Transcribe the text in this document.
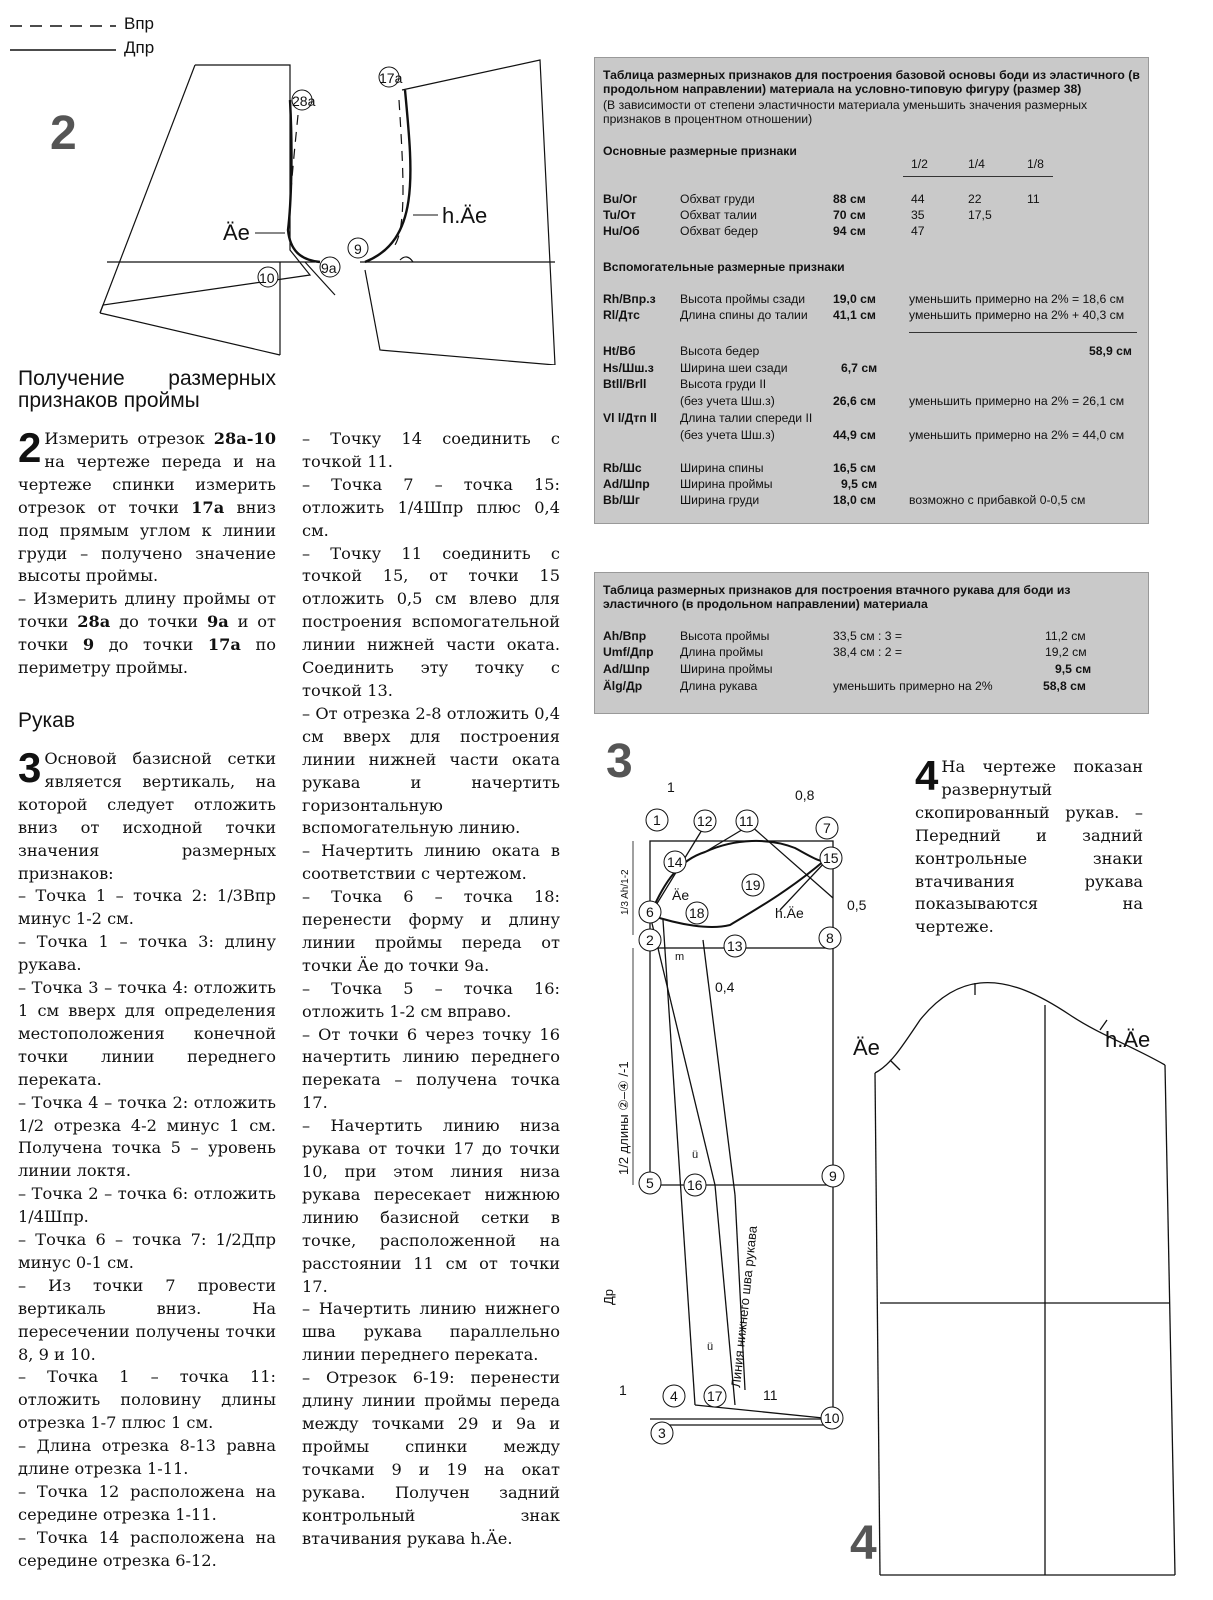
Впр
Дпр
2
28a
17a
Äe
h.Äe
10
9a
9
Получение размерных признаков проймы

2 Измерить отрезок 28a-10 на чертеже переда и на чертеже спинки измерить отрезок от точки 17a вниз под прямым углом к линии груди – получено значение высоты проймы.

– Измерить длину проймы от точки 28a до точки 9a и от точки 9 до точки 17a по периметру проймы.

Рукав

3 Основой базисной сетки является вертикаль, на которой следует отложить вниз от исходной точки значения размерных признаков:

– Точка 1 – точка 2: 1/3Впр минус 1-2 см.

– Точка 1 – точка 3: длину рукава.

– Точка 3 – точка 4: отложить 1 см вверх для определения местоположения конечной точки линии переднего переката.

– Точка 4 – точка 2: отложить 1/2 отрезка 4-2 минус 1 см. Получена точка 5 – уровень линии локтя.

– Точка 2 – точка 6: отложить 1/4Шпр.

– Точка 6 – точка 7: 1/2Дпр минус 0-1 см.

– Из точки 7 провести вертикаль вниз. На пересечении получены точки 8, 9 и 10.

– Точка 1 – точка 11: отложить половину длины отрезка 1-7 плюс 1 см.

– Длина отрезка 8-13 равна длине отрезка 1-11.

– Точка 12 расположена на середине отрезка 1-11.

– Точка 14 расположена на середине отрезка 6-12.

– Точку 14 соединить с точкой 11.

– Точка 7 – точка 15: отложить 1/4Шпр плюс 0,4 см.

– Точку 11 соединить с точкой 15, от точки 15 отложить 0,5 см влево для построения вспомогательной линии нижней части оката. Соединить эту точку с точкой 13.

– От отрезка 2-8 отложить 0,4 см вверх для построения линии нижней части оката рукава и начертить горизонтальную вспомогательную линию.

– Начертить линию оката в соответствии с чертежом.

– Точка 6 – точка 18: перенести форму и длину линии проймы переда от точки Äe до точки 9a.

– Точка 5 – точка 16: отложить 1-2 см вправо.

– От точки 6 через точку 16 начертить линию переднего переката – получена точка 17.

– Начертить линию низа рукава от точки 17 до точки 10, при этом линия низа рукава пересекает нижнюю линию базисной сетки в точке, расположенной на расстоянии 11 см от точки 17.

– Начертить линию нижнего шва рукава параллельно линии переднего переката.

– Отрезок 6-19: перенести длину линии проймы переда между точками 29 и 9a и проймы спинки между точками 9 и 19 на окат рукава. Получен задний контрольный знак втачивания рукава h.Äe.

Таблица размерных признаков для построения базовой основы боди из эластичного (в продольном направлении) материала на условно-типовую фигуру (размер 38)
(В зависимости от степени эластичности материала уменьшить значения размерных признаков в процентном отношении)
Основные размерные признаки
1/2	1/4	1/8
Bu/Ог	Обхват груди	88 см	44	22	11
Tu/От	Обхват талии	70 см	35	17,5
Hu/Об	Обхват бедер	94 см	47
Вспомогательные размерные признаки
Rh/Впр.з Высота проймы сзади 19,0 см	уменьшить примерно на 2% = 18,6 см
Rl/Дтс	Длина спины до талии 41,1 см	уменьшить примерно на 2% + 40,3 см
Ht/Вб	Высота бедер	58,9 см
Hs/Шш.з Ширина шеи сзади	6,7 см
Btll/Brll	Высота груди II
(без учета Шш.з)	26,6 см	уменьшить примерно на 2% = 26,1 см
Vl l/Дтп ll Длина талии спереди II
(без учета Шш.з)	44,9 см	уменьшить примерно на 2% = 44,0 см
Rb/Шс	Ширина спины	16,5 см
Ad/Шпр Ширина проймы	9,5 см
Bb/Шг	Ширина груди	18,0 см	возможно с прибавкой 0-0,5 см
Таблица размерных признаков для построения втачного рукава для боди из эластичного (в продольном направлении) материала
Ah/Впр	Высота проймы	33,5 см : 3 =	11,2 см
Umf/Дпр Длина проймы	38,4 см : 2 =	19,2 см
Ad/Шпр Ширина проймы	9,5 см
Älg/Др	Длина рукава	уменьшить примерно на 2%	58,8 см
3
1	12 11	7
14	15
19
6	18
13
2	8
5 16
9
4 17
10
3
0,8
0,5
0,4
1
1	11
Äe
h.Äe
m
ü
ü
1/3 Ah/1-2
1/2 длины ②–④ /-1
Др	Линия нижнего шва рукава

4 На чертеже показан развернутый скопированный рукав. – Передний и задний контрольные знаки втачивания рукава показываются на чертеже.

Äe	h.Äe
4
